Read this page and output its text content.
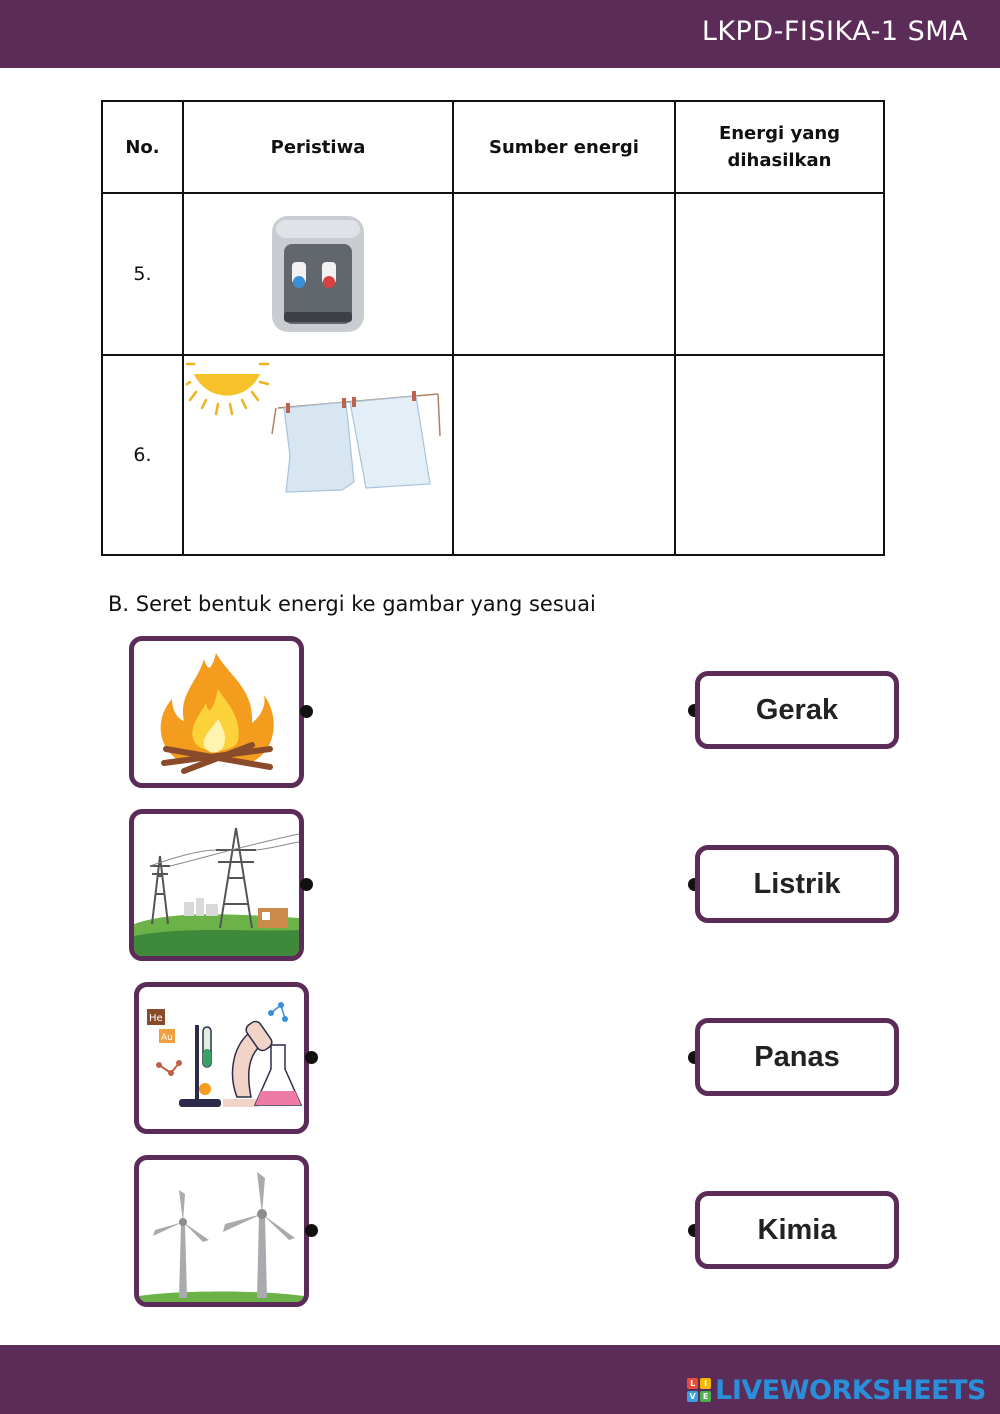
LKPD-FISIKA-1 SMA
No.	Peristiwa	Sumber energi	Energi yang dihasilkan

5.	

6.	

B. Seret bentuk energi ke gambar yang sesuai
He
Au
Gerak
Listrik
Panas
Kimia
L	I
V E LIVEWORKSHEETS
